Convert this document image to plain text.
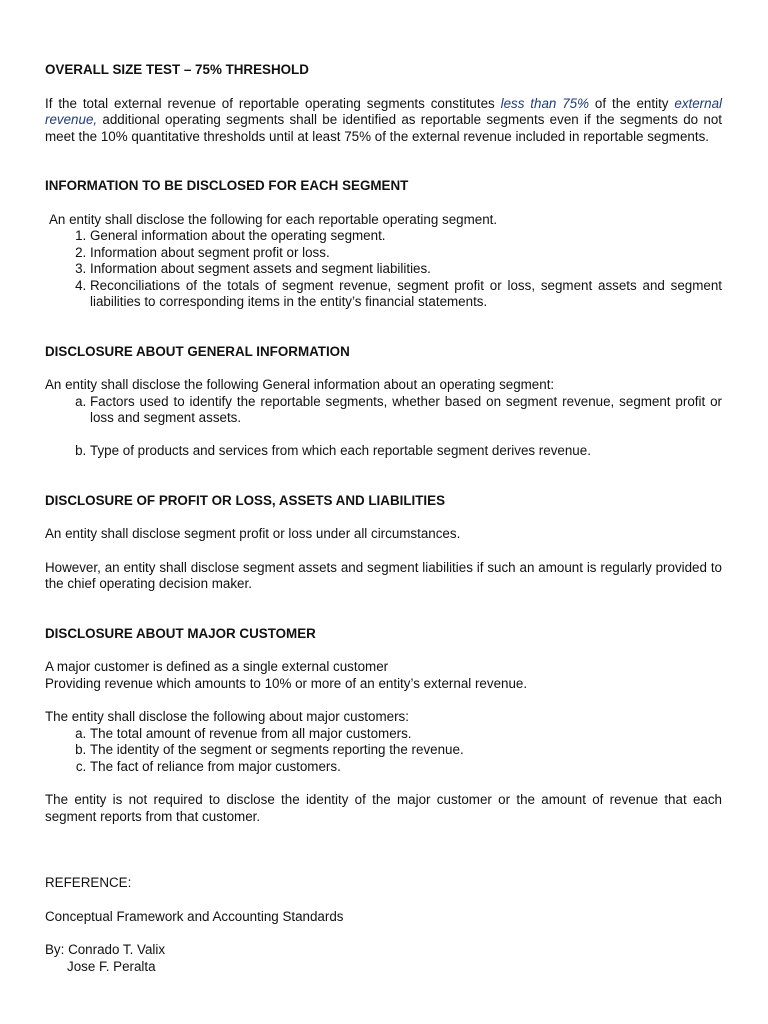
OVERALL SIZE TEST – 75% THRESHOLD

If the total external revenue of reportable operating segments constitutes less than 75% of the entity external revenue, additional operating segments shall be identified as reportable segments even if the segments do not meet the 10% quantitative thresholds until at least 75% of the external revenue included in reportable segments.

INFORMATION TO BE DISCLOSED FOR EACH SEGMENT

An entity shall disclose the following for each reportable operating segment.

1. General information about the operating segment.
2. Information about segment profit or loss.
3. Information about segment assets and segment liabilities.
4. Reconciliations of the totals of segment revenue, segment profit or loss, segment assets and segment liabilities to corresponding items in the entity’s financial statements.
DISCLOSURE ABOUT GENERAL INFORMATION

An entity shall disclose the following General information about an operating segment:

a. Factors used to identify the reportable segments, whether based on segment revenue, segment profit or loss and segment assets.
b. Type of products and services from which each reportable segment derives revenue.
DISCLOSURE OF PROFIT OR LOSS, ASSETS AND LIABILITIES

An entity shall disclose segment profit or loss under all circumstances.

However, an entity shall disclose segment assets and segment liabilities if such an amount is regularly provided to the chief operating decision maker.

DISCLOSURE ABOUT MAJOR CUSTOMER

A major customer is defined as a single external customer

Providing revenue which amounts to 10% or more of an entity’s external revenue.

The entity shall disclose the following about major customers:

a. The total amount of revenue from all major customers.
b. The identity of the segment or segments reporting the revenue.
c. The fact of reliance from major customers.

The entity is not required to disclose the identity of the major customer or the amount of revenue that each segment reports from that customer.

REFERENCE:

Conceptual Framework and Accounting Standards

By: Conrado T. Valix

Jose F. Peralta
